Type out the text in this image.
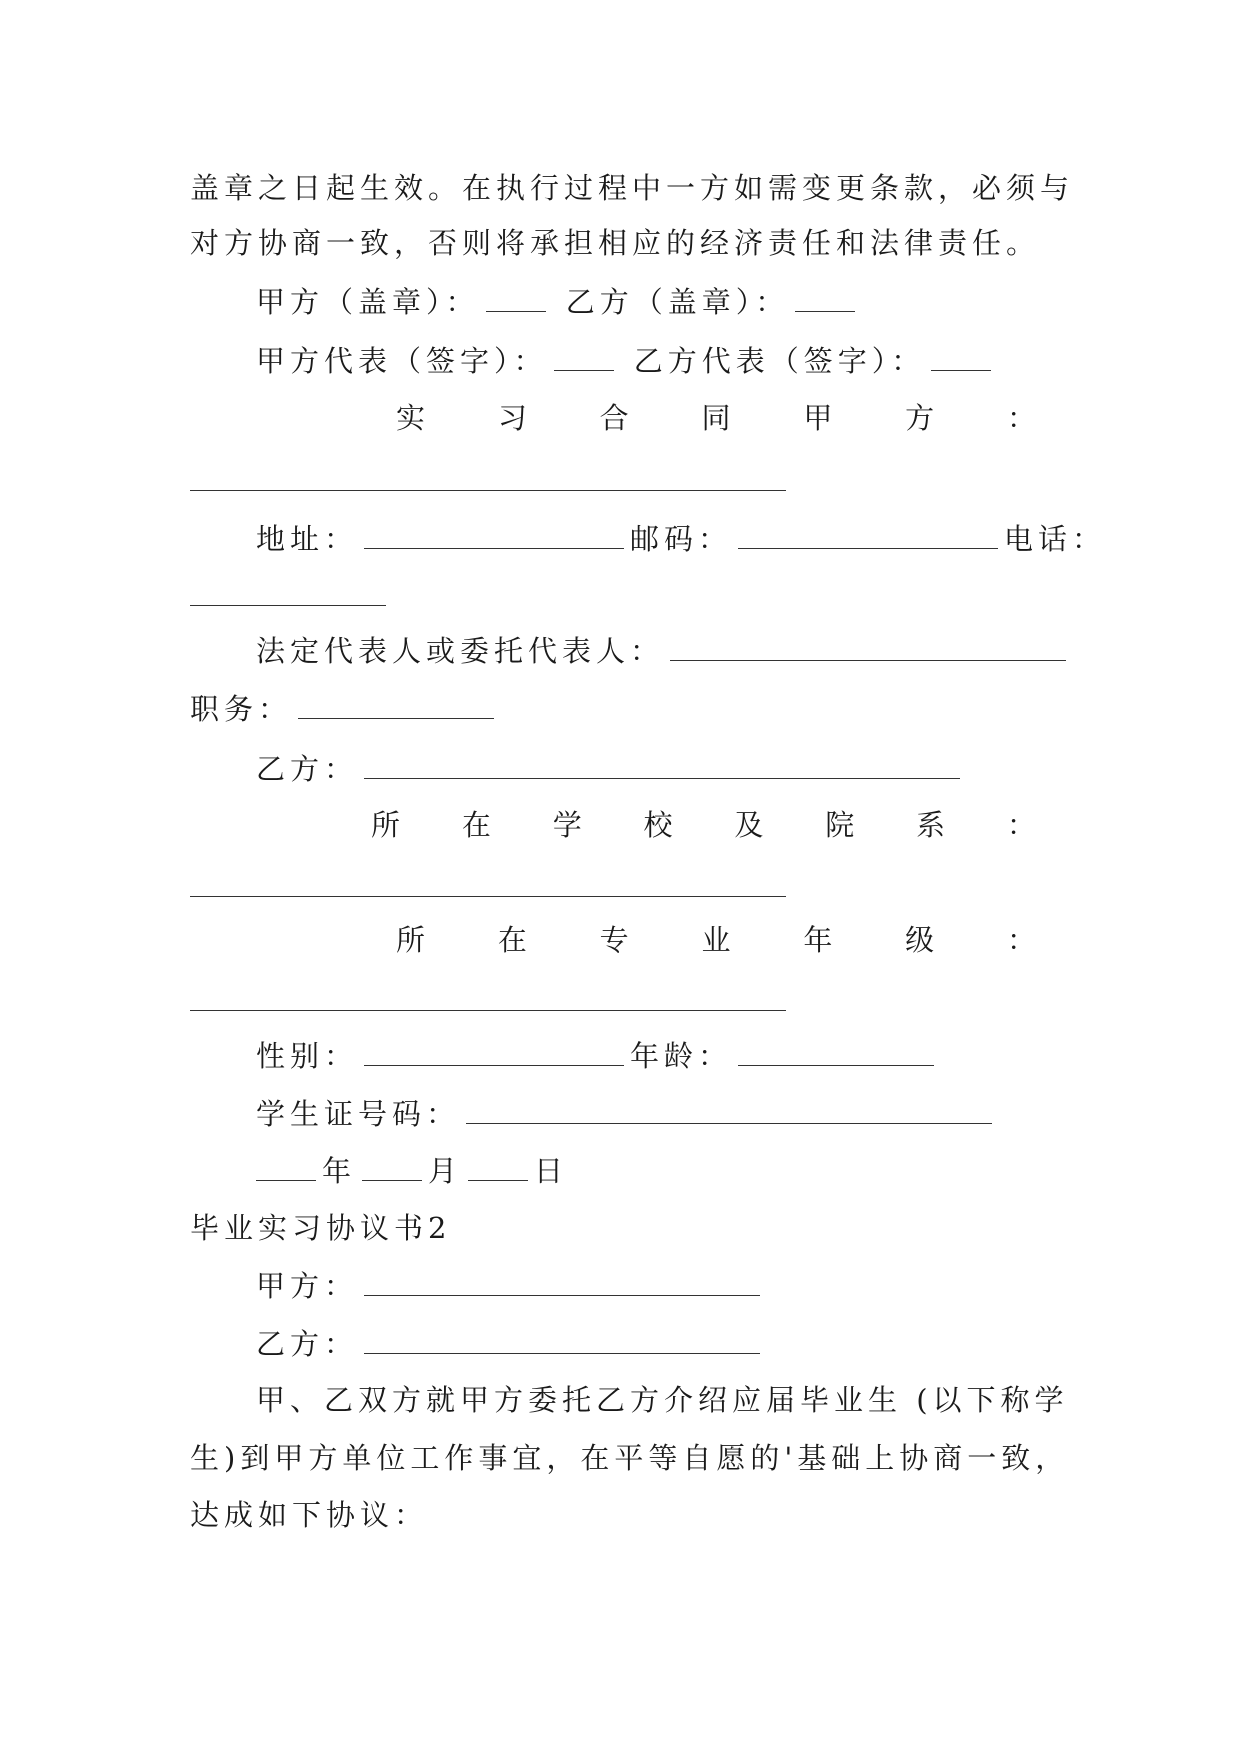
盖章之日起生效。在执行过程中一方如需变更条款，必须与
对方协商一致，否则将承担相应的经济责任和法律责任。
甲方（盖章）：	乙方（盖章）：
甲方代表（签字）：	乙方代表（签字）：
实	习	合	同	甲	方	：
地址：	邮码：	电话：
法定代表人或委托代表人：
职务：
乙方：
所 在 学 校 及 院 系 ：
所	在	专	业	年	级	：
性别：	年龄：
学生证号码：
年 月 日
毕业实习协议书2
甲方：
乙方：
甲、乙双方就甲方委托乙方介绍应届毕业生 (以下称学
生)到甲方单位工作事宜，在平等自愿的'基础上协商一致，
达成如下协议：
